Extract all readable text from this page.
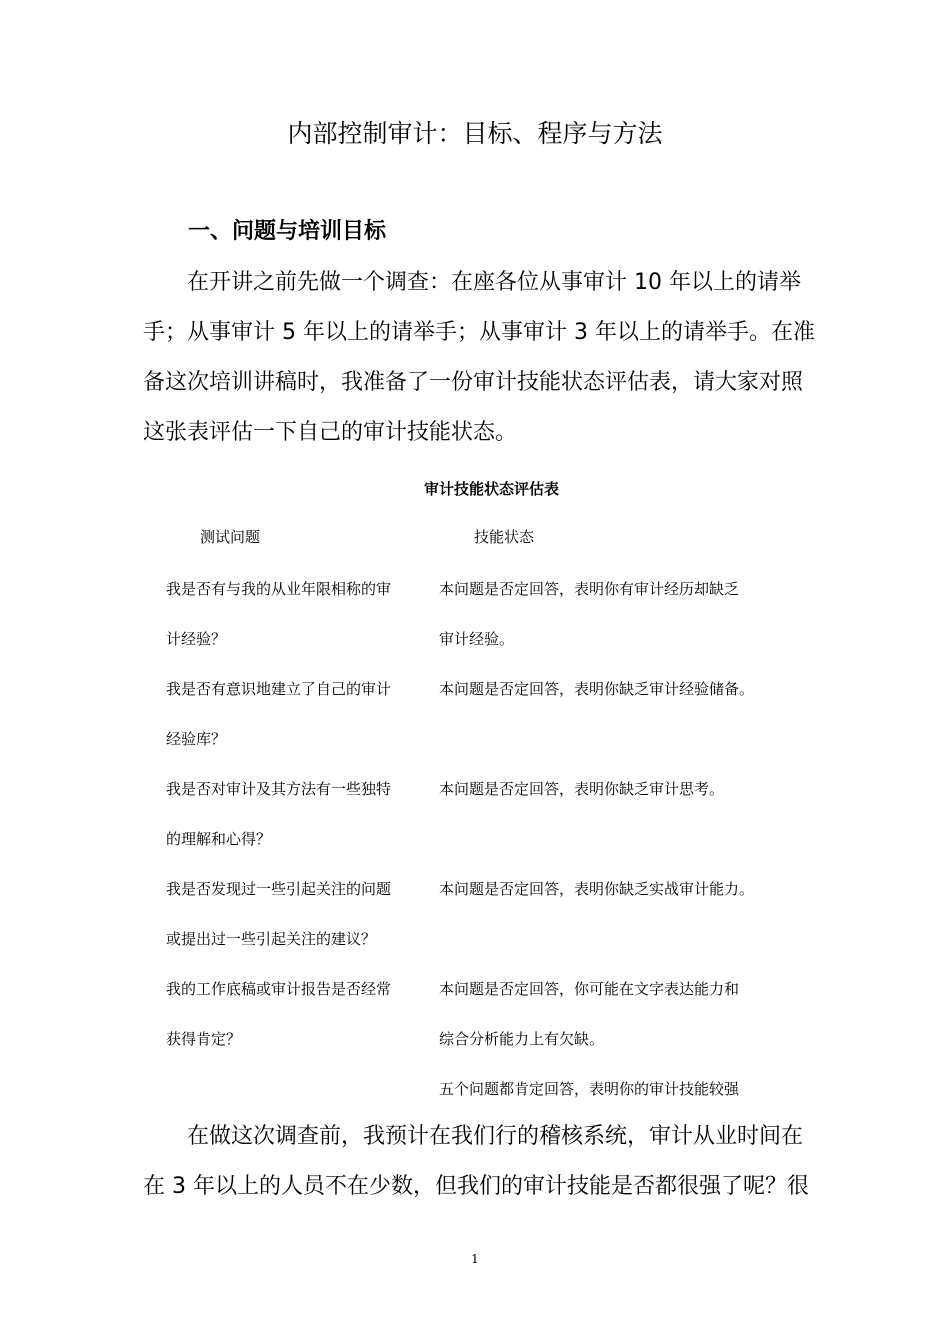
内部控制审计：目标、程序与方法
一、问题与培训目标
在开讲之前先做一个调查：在座各位从事审计 10 年以上的请举
手；从事审计 5 年以上的请举手；从事审计 3 年以上的请举手。在准
备这次培训讲稿时，我准备了一份审计技能状态评估表，请大家对照
这张表评估一下自己的审计技能状态。
审计技能状态评估表
测试问题	技能状态
我是否有与我的从业年限相称的审
计经验？
本问题是否定回答，表明你有审计经历却缺乏
审计经验。
我是否有意识地建立了自己的审计
经验库？
本问题是否定回答，表明你缺乏审计经验储备。
我是否对审计及其方法有一些独特
的理解和心得？
本问题是否定回答，表明你缺乏审计思考。
我是否发现过一些引起关注的问题
或提出过一些引起关注的建议？
本问题是否定回答，表明你缺乏实战审计能力。
我的工作底稿或审计报告是否经常
获得肯定？
本问题是否定回答，你可能在文字表达能力和
综合分析能力上有欠缺。
五个问题都肯定回答，表明你的审计技能较强
在做这次调查前，我预计在我们行的稽核系统，审计从业时间在
在 3 年以上的人员不在少数，但我们的审计技能是否都很强了呢？很
1
